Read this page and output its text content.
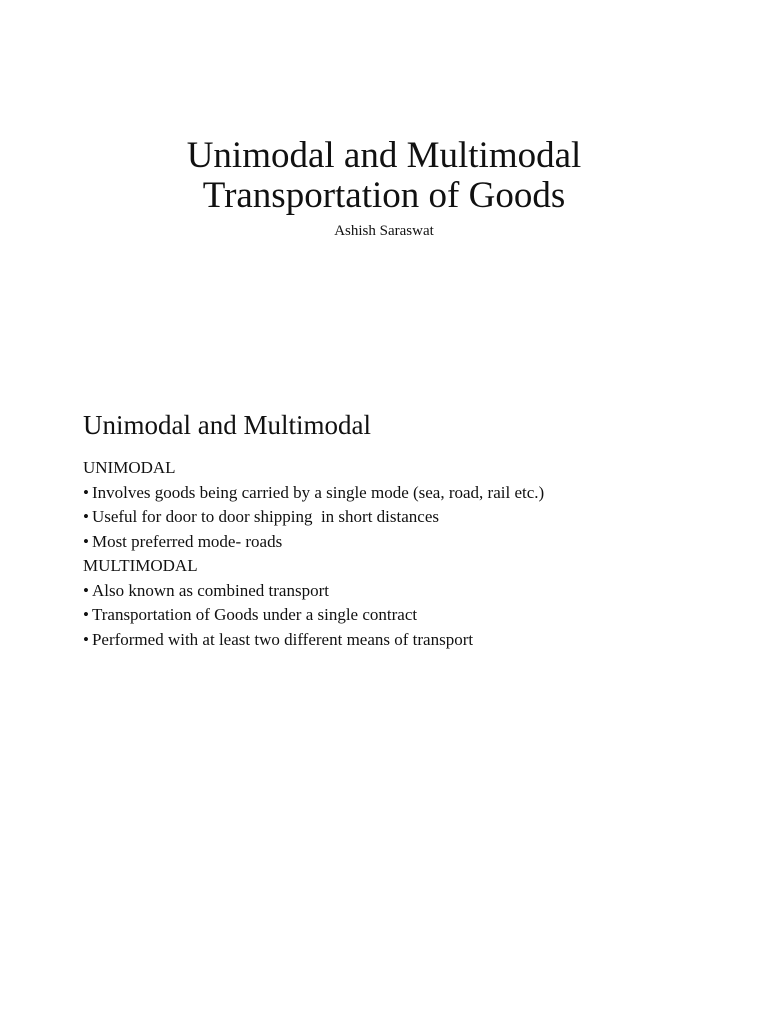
Unimodal and Multimodal
Transportation of Goods
Ashish Saraswat
Unimodal and Multimodal

UNIMODAL

• Involves goods being carried by a single mode (sea, road, rail etc.)

• Useful for door to door shipping  in short distances

• Most preferred mode- roads

MULTIMODAL

• Also known as combined transport

• Transportation of Goods under a single contract

• Performed with at least two different means of transport
